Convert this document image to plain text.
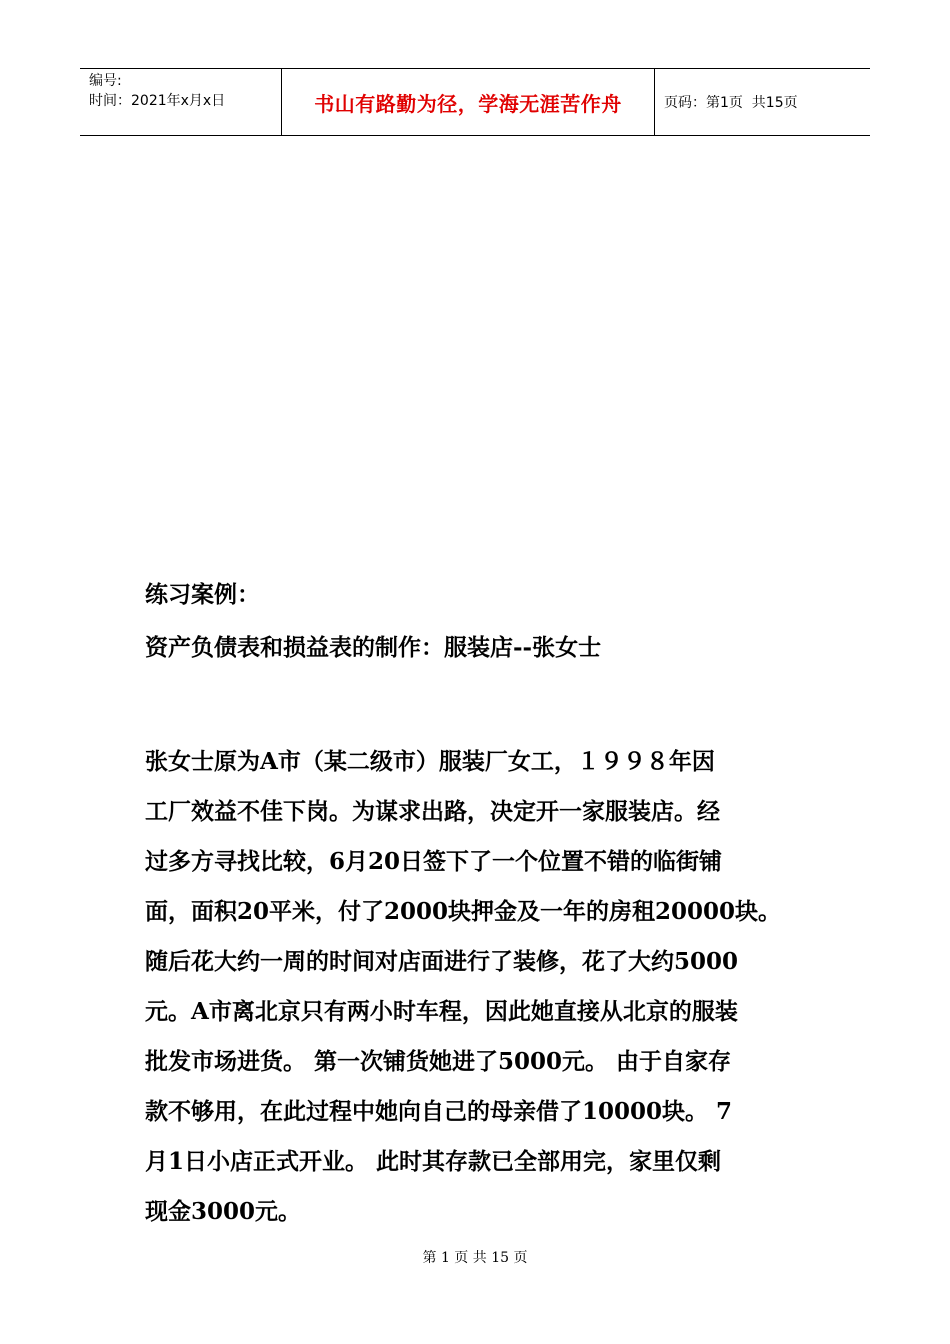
编号:
时间：2021年x月x日	书山有路勤为径，学海无涯苦作舟	页码：第1页  共15页
练习案例：
资产负债表和损益表的制作：服装店--张女士
张女士原为A市（某二级市）服装厂女工，１９９８年因
工厂效益不佳下岗。为谋求出路，决定开一家服装店。经
过多方寻找比较，6月20日签下了一个位置不错的临街铺
面，面积20平米，付了2000块押金及一年的房租20000块。
随后花大约一周的时间对店面进行了装修，花了大约5000
元。A市离北京只有两小时车程，因此她直接从北京的服装
批发市场进货。 第一次铺货她进了5000元。 由于自家存
款不够用，在此过程中她向自己的母亲借了10000块。 7
月1日小店正式开业。 此时其存款已全部用完，家里仅剩
现金3000元。
第 1 页 共 15 页
